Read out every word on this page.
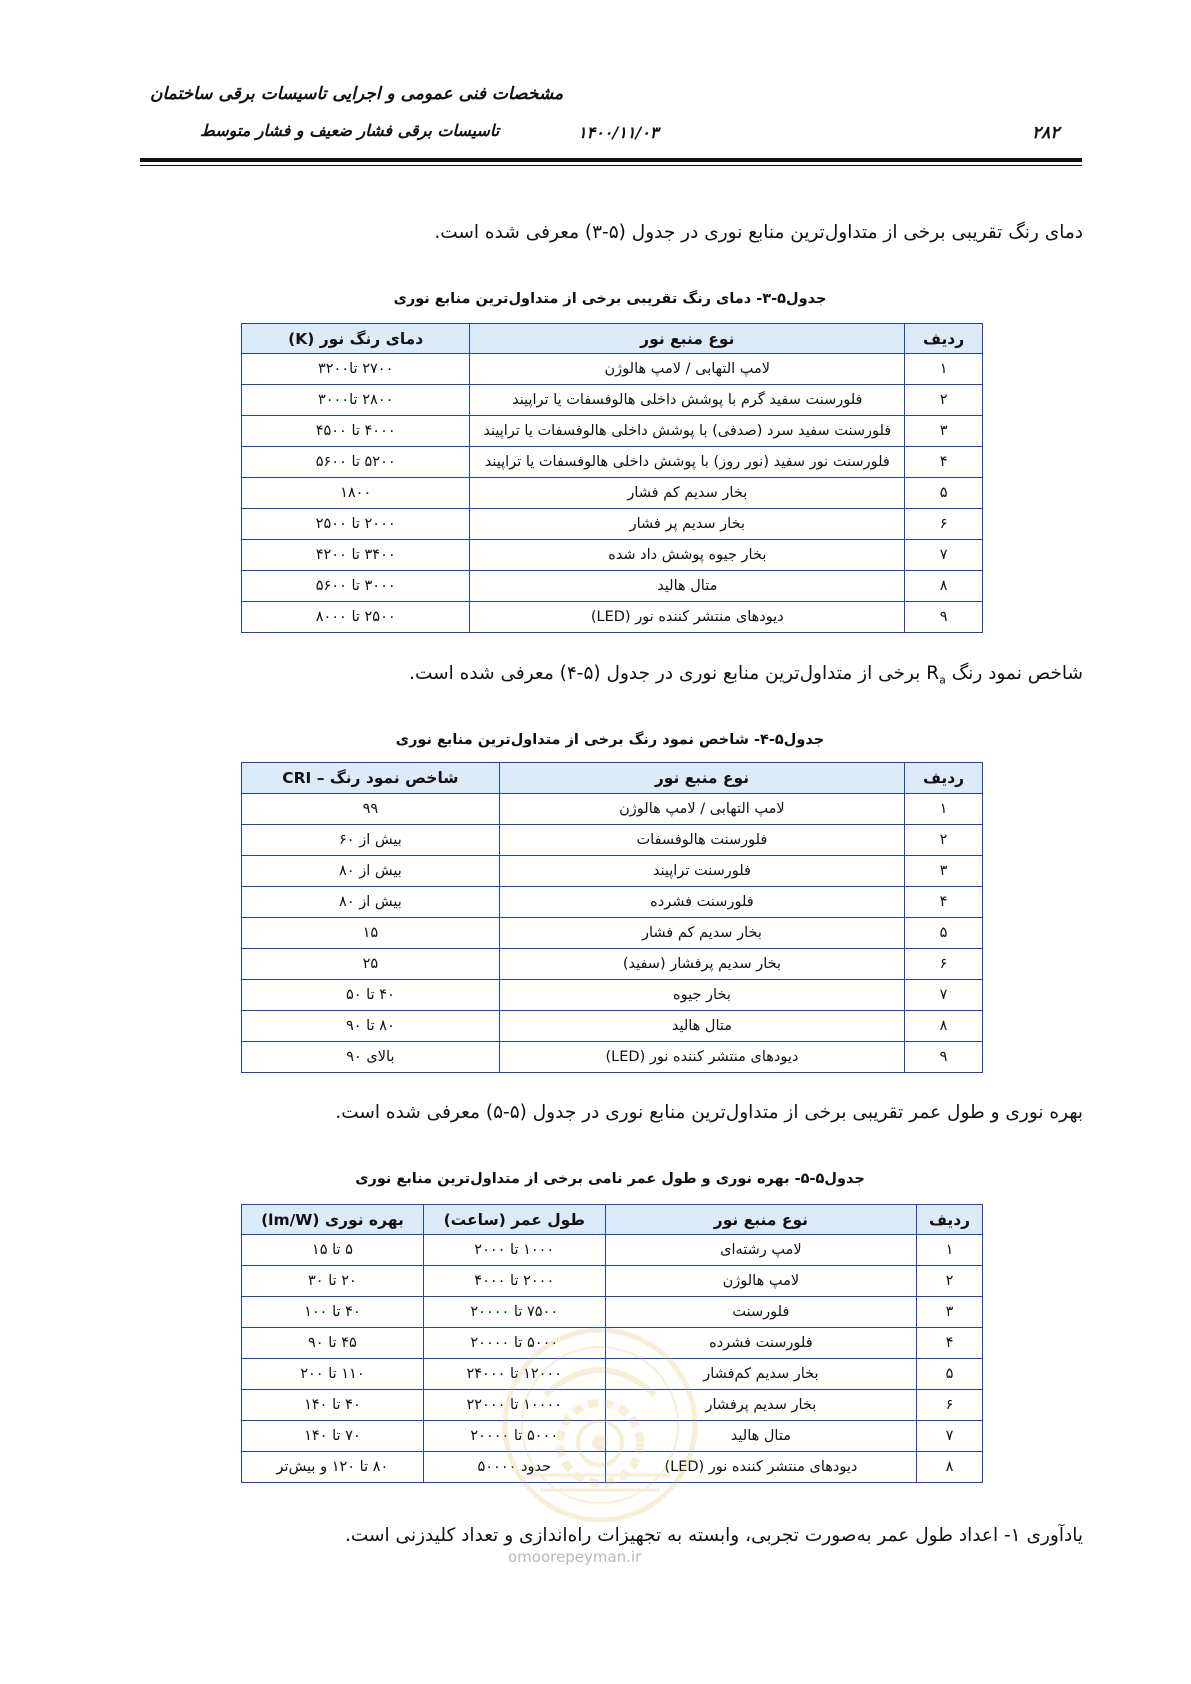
مشخصات فنی عمومی و اجرایی تاسیسات برقی ساختمان
تاسیسات برقی فشار ضعیف و فشار متوسط	۱۴۰۰/۱۱/۰۳	۲۸۲
دمای رنگ تقریبی برخی از متداول‌ترین منابع نوری در جدول (۵-۳) معرفی شده است.
جدول۵-۳- دمای رنگ تقریبی برخی از متداول‌ترین منابع نوری
ردیف	نوع منبع نور	دمای رنگ نور (K)
۱	لامپ التهابی / لامپ هالوژن	۲۷۰۰ تا۳۲۰۰
۲	فلورسنت سفید گرم با پوشش داخلی هالوفسفات یا تراپیند	۲۸۰۰ تا۳۰۰۰
۳	فلورسنت سفید سرد (صدفی) با پوشش داخلی هالوفسفات یا تراپیند	۴۰۰۰ تا ۴۵۰۰
۴	فلورسنت نور سفید (نور روز) با پوشش داخلی هالوفسفات یا تراپیند	۵۲۰۰ تا ۵۶۰۰
۵	بخار سدیم کم فشار	۱۸۰۰
۶	بخار سدیم پر فشار	۲۰۰۰ تا ۲۵۰۰
۷	بخار جیوه پوشش داد شده	۳۴۰۰ تا ۴۲۰۰
۸	متال هالید	۳۰۰۰ تا ۵۶۰۰
۹	دیودهای منتشر کننده نور (LED)	۲۵۰۰ تا ۸۰۰۰
شاخص نمود رنگ $R_a$ برخی از متداول‌ترین منابع نوری در جدول (۵-۴) معرفی شده است.
جدول۵-۴- شاخص نمود رنگ برخی از متداول‌ترین منابع نوری
ردیف	نوع منبع نور	شاخص نمود رنگ – CRI
۱	لامپ التهابی / لامپ هالوژن	۹۹
۲	فلورسنت هالوفسفات	بیش از ۶۰
۳	فلورسنت تراپیند	بیش از ۸۰
۴	فلورسنت فشرده	بیش از ۸۰
۵	بخار سدیم کم فشار	۱۵
۶	بخار سدیم پرفشار (سفید)	۲۵
۷	بخار جیوه	۴۰ تا ۵۰
۸	متال هالید	۸۰ تا ۹۰
۹	دیودهای منتشر کننده نور (LED)	بالای ۹۰
بهره نوری و طول عمر تقریبی برخی از متداول‌ترین منابع نوری در جدول (۵-۵) معرفی شده است.
جدول۵-۵- بهره نوری و طول عمر نامی برخی از متداول‌ترین منابع نوری
ردیف	نوع منبع نور	طول عمر (ساعت)	بهره نوری (lm/W)
۱	لامپ رشته‌ای	۱۰۰۰ تا ۲۰۰۰	۵ تا ۱۵
۲	لامپ هالوژن	۲۰۰۰ تا ۴۰۰۰	۲۰ تا ۳۰
۳	فلورسنت	۷۵۰۰ تا ۲۰۰۰۰	۴۰ تا ۱۰۰
۴	فلورسنت فشرده	۵۰۰۰ تا ۲۰۰۰۰	۴۵ تا ۹۰
۵	بخار سدیم کم‌فشار	۱۲۰۰۰ تا ۲۴۰۰۰	۱۱۰ تا ۲۰۰
۶	بخار سدیم پرفشار	۱۰۰۰۰ تا ۲۲۰۰۰	۴۰ تا ۱۴۰
۷	متال هالید	۵۰۰۰ تا ۲۰۰۰۰	۷۰ تا ۱۴۰
۸	دیودهای منتشر کننده نور (LED)	حدود ۵۰۰۰۰	۸۰ تا ۱۲۰ و بیش‌تر
یادآوری ۱- اعداد طول عمر به‌صورت تجربی، وابسته به تجهیزات راه‌اندازی و تعداد کلیدزنی است.
omoorepeyman.ir
